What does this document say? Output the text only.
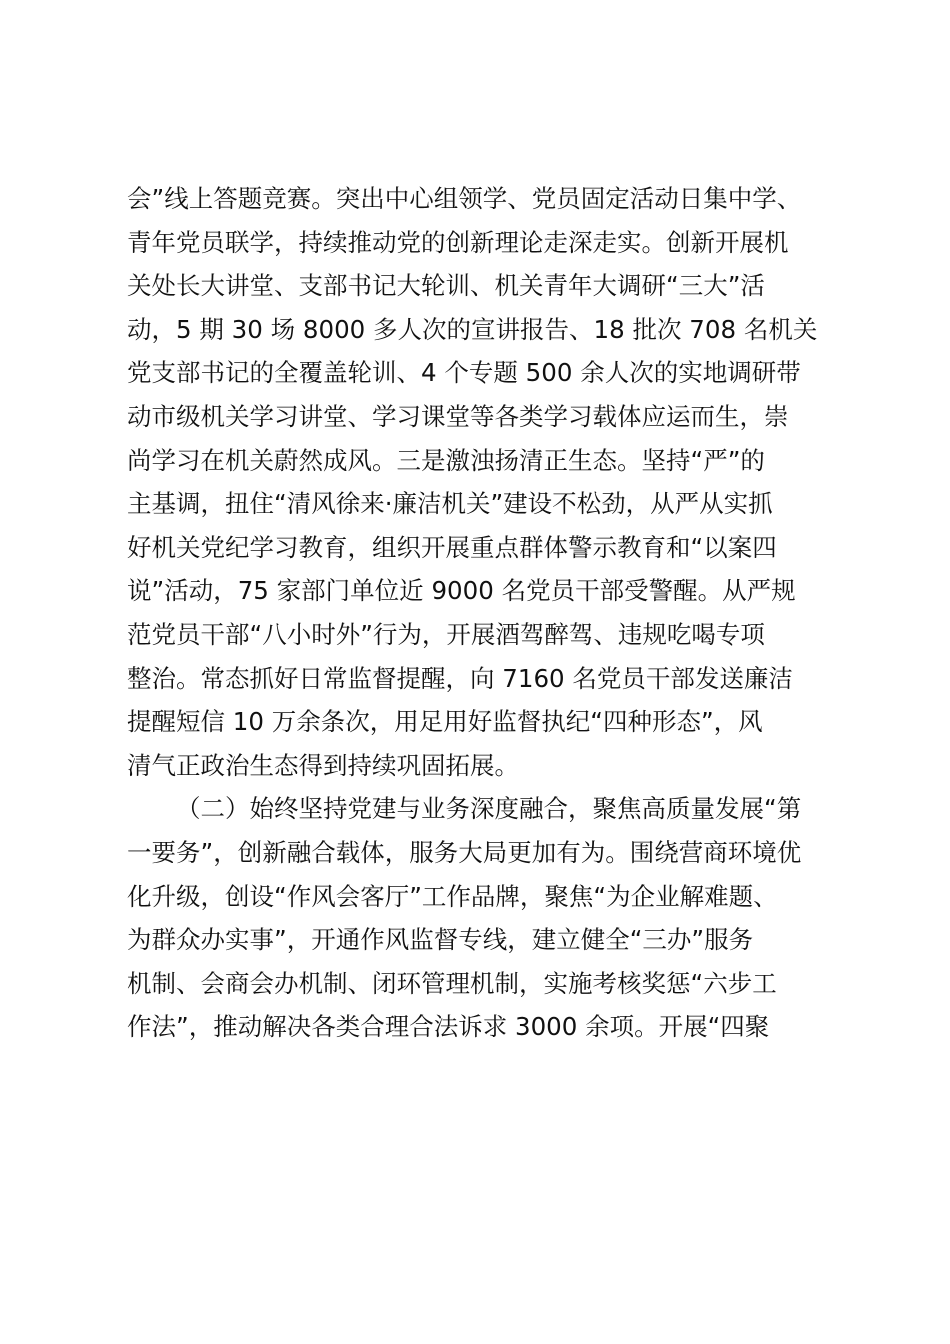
会”线上答题竞赛。突出中心组领学、党员固定活动日集中学、
青年党员联学，持续推动党的创新理论走深走实。创新开展机
关处长大讲堂、支部书记大轮训、机关青年大调研“三大”活
动，5 期 30 场 8000 多人次的宣讲报告、18 批次 708 名机关
党支部书记的全覆盖轮训、4 个专题 500 余人次的实地调研带
动市级机关学习讲堂、学习课堂等各类学习载体应运而生，崇
尚学习在机关蔚然成风。三是激浊扬清正生态。坚持“严”的
主基调，扭住“清风徐来·廉洁机关”建设不松劲，从严从实抓
好机关党纪学习教育，组织开展重点群体警示教育和“以案四
说”活动，75 家部门单位近 9000 名党员干部受警醒。从严规
范党员干部“八小时外”行为，开展酒驾醉驾、违规吃喝专项
整治。常态抓好日常监督提醒，向 7160 名党员干部发送廉洁
提醒短信 10 万余条次，用足用好监督执纪“四种形态”，风
清气正政治生态得到持续巩固拓展。
（二）始终坚持党建与业务深度融合，聚焦高质量发展“第
一要务”，创新融合载体，服务大局更加有为。围绕营商环境优
化升级，创设“作风会客厅”工作品牌，聚焦“为企业解难题、
为群众办实事”，开通作风监督专线，建立健全“三办”服务
机制、会商会办机制、闭环管理机制，实施考核奖惩“六步工
作法”，推动解决各类合理合法诉求 3000 余项。开展“四聚
